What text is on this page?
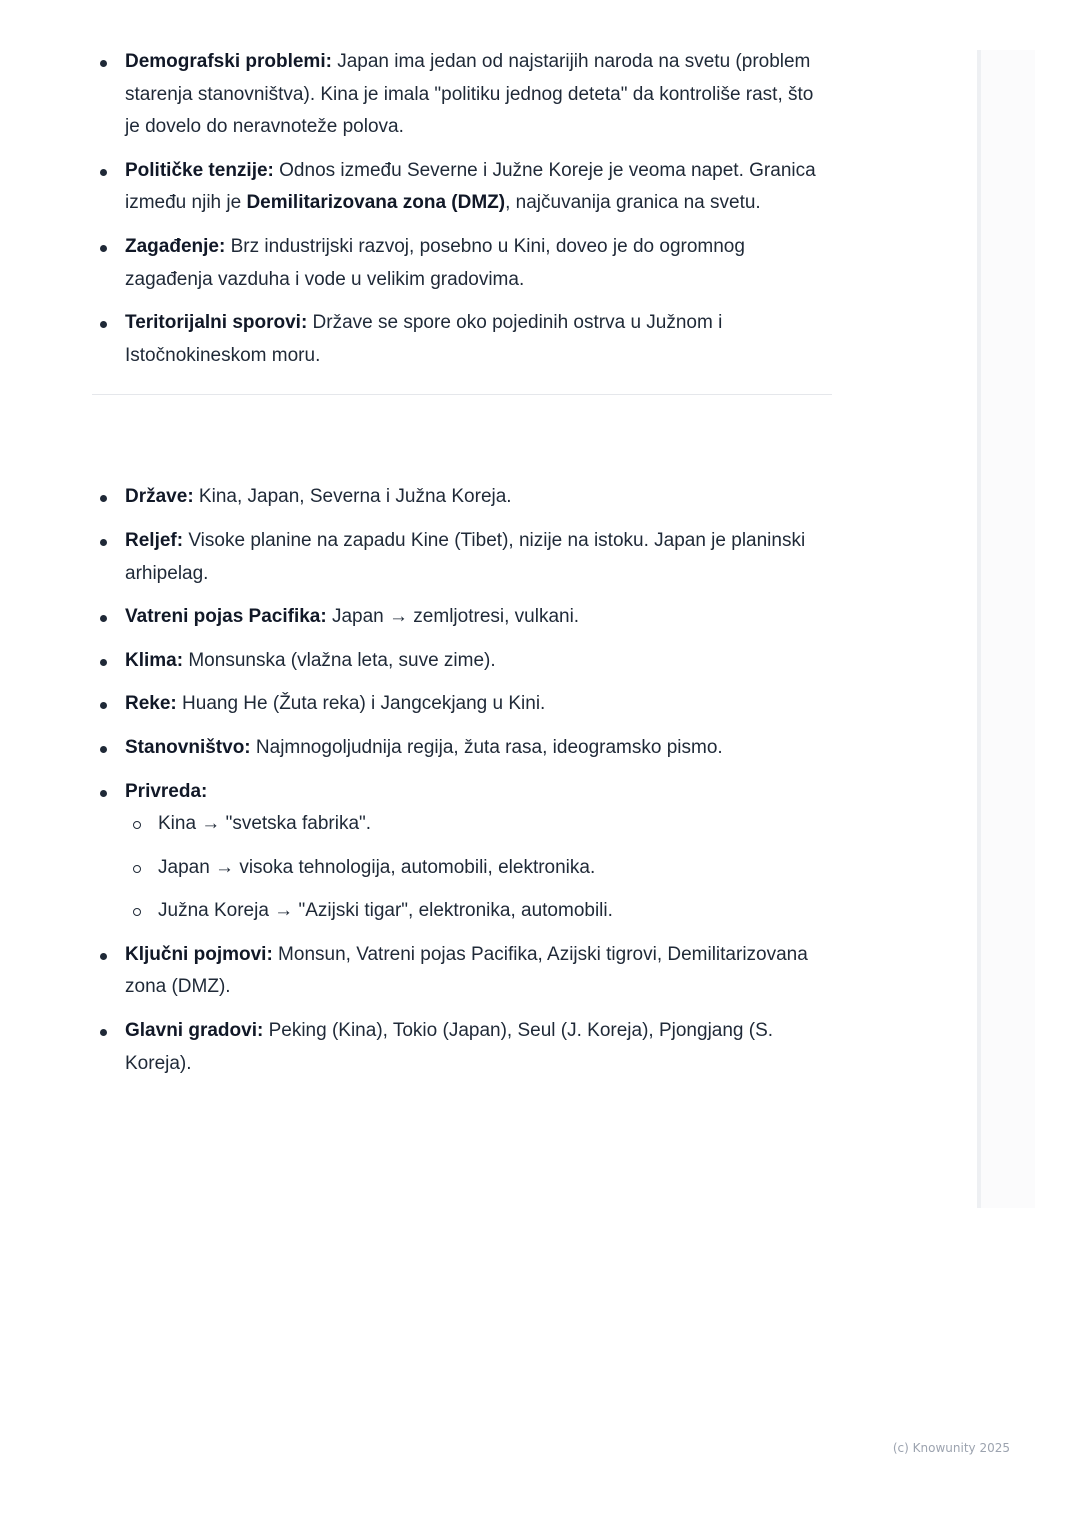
Demografski problemi: Japan ima jedan od najstarijih naroda na svetu (problem starenja stanovništva). Kina je imala "politiku jednog deteta" da kontroliše rast, što je dovelo do neravnoteže polova.
Političke tenzije: Odnos između Severne i Južne Koreje je veoma napet. Granica između njih je Demilitarizovana zona (DMZ), najčuvanija granica na svetu.
Zagađenje: Brz industrijski razvoj, posebno u Kini, doveo je do ogromnog zagađenja vazduha i vode u velikim gradovima.
Teritorijalni sporovi: Države se spore oko pojedinih ostrva u Južnom i Istočnokineskom moru.
Podsetnik za test
Države: Kina, Japan, Severna i Južna Koreja.
Reljef: Visoke planine na zapadu Kine (Tibet), nizije na istoku. Japan je planinski arhipelag.
Vatreni pojas Pacifika: Japan → zemljotresi, vulkani.
Klima: Monsunska (vlažna leta, suve zime).
Reke: Huang He (Žuta reka) i Jangcekjang u Kini.
Stanovništvo: Najmnogoljudnija regija, žuta rasa, ideogramsko pismo.
Privreda:
Kina → "svetska fabrika".
Japan → visoka tehnologija, automobili, elektronika.
Južna Koreja → "Azijski tigar", elektronika, automobili.
Ključni pojmovi: Monsun, Vatreni pojas Pacifika, Azijski tigrovi, Demilitarizovana zona (DMZ).
Glavni gradovi: Peking (Kina), Tokio (Japan), Seul (J. Koreja), Pjongjang (S. Koreja).
(c) Knowunity 2025
